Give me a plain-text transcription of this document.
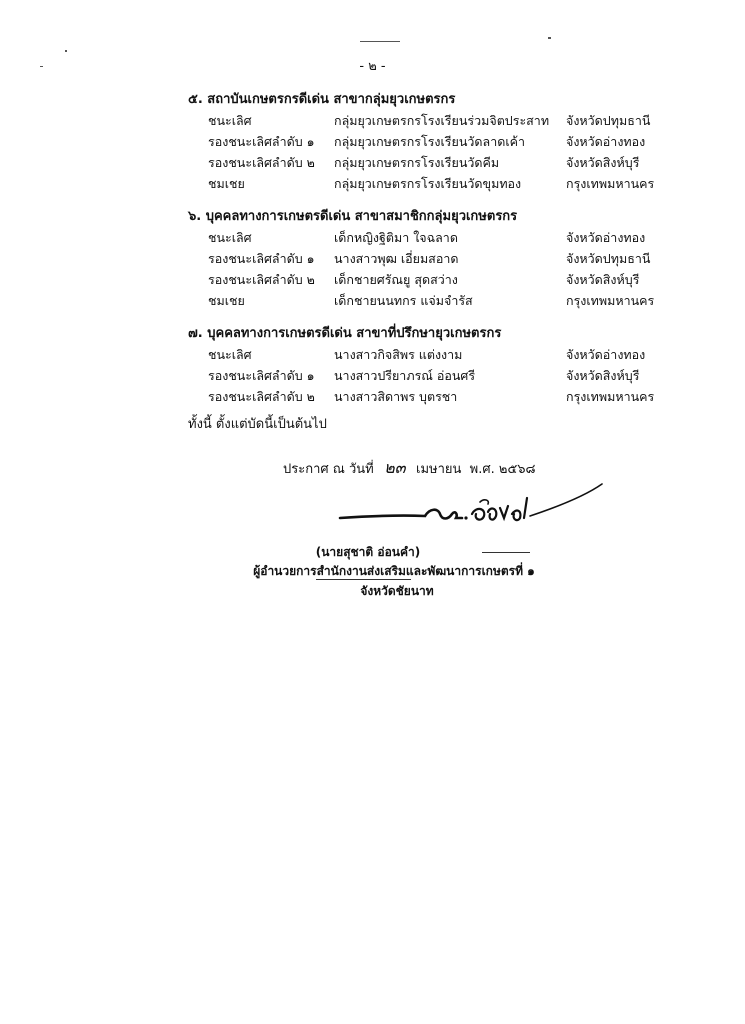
- ๒ -
๕. สถาบันเกษตรกรดีเด่น สาขากลุ่มยุวเกษตรกร
ชนะเลิศ	กลุ่มยุวเกษตรกรโรงเรียนร่วมจิตประสาท จังหวัดปทุมธานี
รองชนะเลิศลำดับ ๑ กลุ่มยุวเกษตรกรโรงเรียนวัดลาดเค้า	จังหวัดอ่างทอง
รองชนะเลิศลำดับ ๒ กลุ่มยุวเกษตรกรโรงเรียนวัดคีม	จังหวัดสิงห์บุรี
ชมเชย	กลุ่มยุวเกษตรกรโรงเรียนวัดขุมทอง	กรุงเทพมหานคร
๖. บุคคลทางการเกษตรดีเด่น สาขาสมาชิกกลุ่มยุวเกษตรกร
ชนะเลิศ	เด็กหญิงฐิติมา ใจฉลาด	จังหวัดอ่างทอง
รองชนะเลิศลำดับ ๑ นางสาวพุฒ เอี่ยมสอาด	จังหวัดปทุมธานี
รองชนะเลิศลำดับ ๒ เด็กชายศรัณยู สุดสว่าง	จังหวัดสิงห์บุรี
ชมเชย	เด็กชายนนทกร แจ่มจำรัส	กรุงเทพมหานคร
๗. บุคคลทางการเกษตรดีเด่น สาขาที่ปรึกษายุวเกษตรกร
ชนะเลิศ	นางสาวกิจสิพร แต่งงาม	จังหวัดอ่างทอง
รองชนะเลิศลำดับ ๑ นางสาวปรียาภรณ์ อ่อนศรี	จังหวัดสิงห์บุรี
รองชนะเลิศลำดับ ๒ นางสาวสิดาพร บุตรชา	กรุงเทพมหานคร
ทั้งนี้ ตั้งแต่บัดนี้เป็นต้นไป
ประกาศ ณ วันที่ ๒๓ เมษายน พ.ศ. ๒๕๖๘
(นายสุชาติ อ่อนคำ)
ผู้อำนวยการสำนักงานส่งเสริมและพัฒนาการเกษตรที่ ๑
จังหวัดชัยนาท
